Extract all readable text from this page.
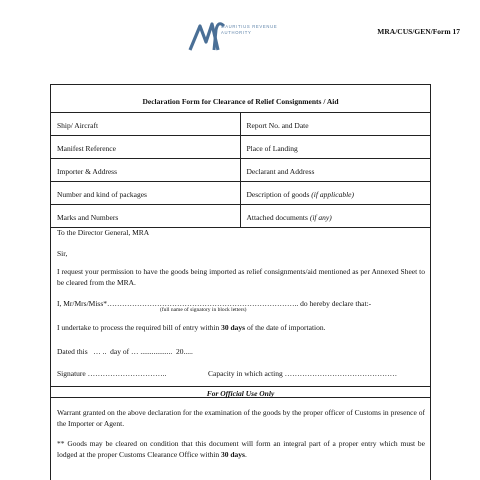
MAURITIUS REVENUE AUTHORITY	MRA/CUS/GEN/Form 17
Declaration Form for Clearance of Relief Consignments / Aid
Ship/ Aircraft	Report No. and Date
Manifest Reference	Place of Landing
Importer & Address	Declarant and Address
Number and kind of packages	Description of goods (if applicable)
Marks and Numbers	Attached documents (if any)
To the Director General, MRA
Sir,
I request your permission to have the goods being imported as relief consignments/aid mentioned as per Annexed Sheet to be cleared from the MRA.
I, Mr/Mrs/Miss*………………………………………………………………….. do hereby declare that:-
(full name of signatory in block letters)
I undertake to process the required bill of entry within 30 days of the date of importation.
Dated this   … ..  day of … .................  20.....
Signature …………………………..	Capacity in which acting ………………………………………
For Official Use Only
Warrant granted on the above declaration for the examination of the goods by the proper officer of Customs in presence of the Importer or Agent.
** Goods may be cleared on condition that this document will form an integral part of a proper entry which must be lodged at the proper Customs Clearance Office within 30 days.
